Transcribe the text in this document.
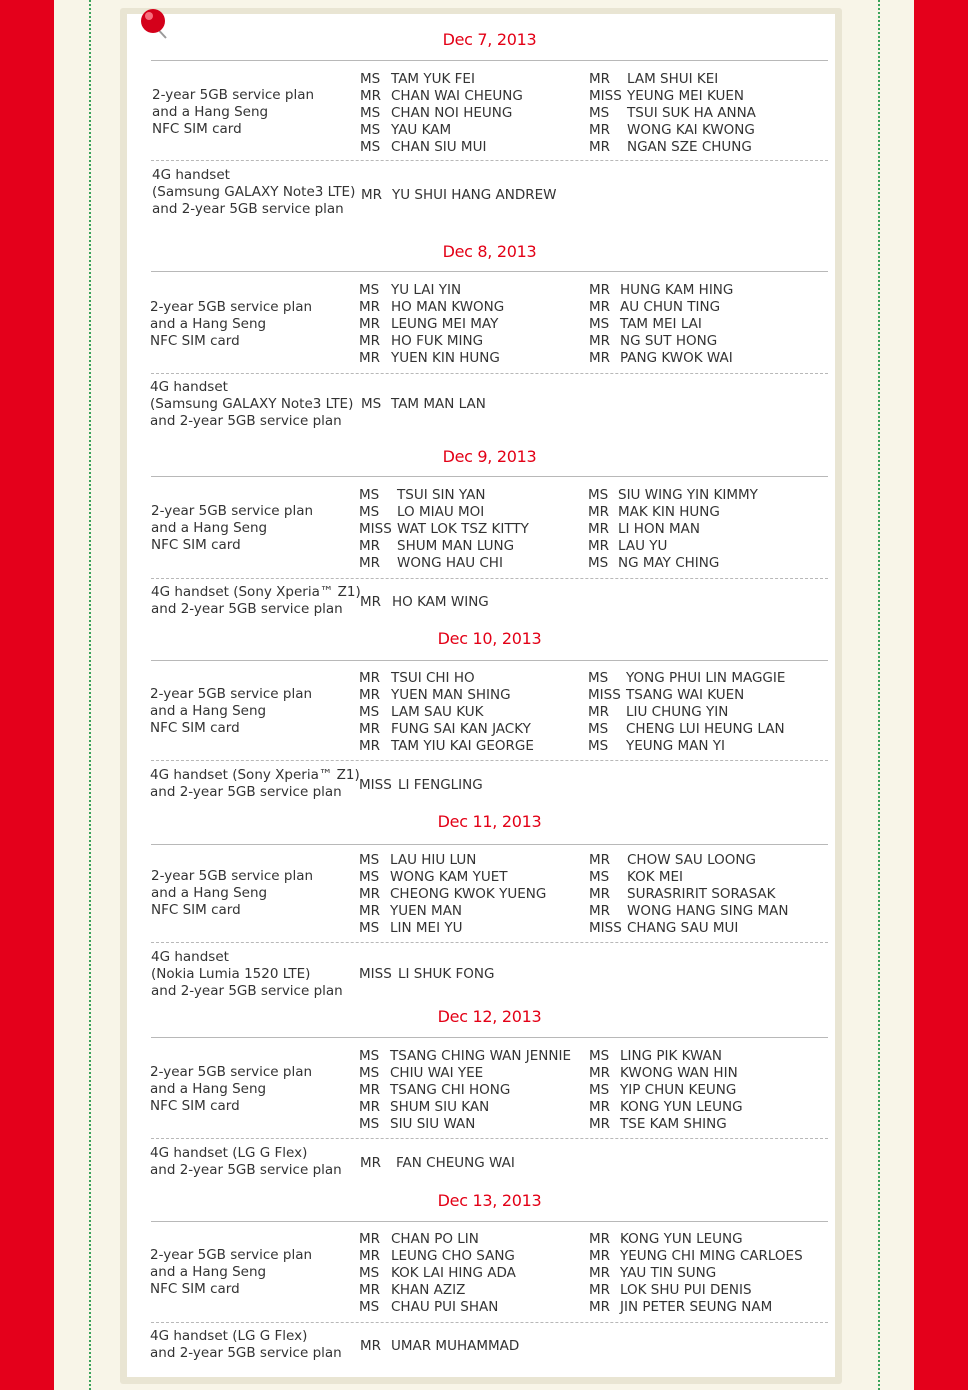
Dec 7, 2013
2-year 5GB service plan
and a Hang Seng
NFC SIM card
MS TAM YUK FEI
MR CHAN WAI CHEUNG
MS CHAN NOI HEUNG
MS YAU KAM
MS CHAN SIU MUI
MR LAM SHUI KEI
MISS YEUNG MEI KUEN
MS TSUI SUK HA ANNA
MR WONG KAI KWONG
MR NGAN SZE CHUNG
4G handset
(Samsung GALAXY Note3 LTE)
and 2-year 5GB service plan
MR YU SHUI HANG ANDREW
Dec 8, 2013
2-year 5GB service plan
and a Hang Seng
NFC SIM card
MS YU LAI YIN
MR HO MAN KWONG
MR LEUNG MEI MAY
MR HO FUK MING
MR YUEN KIN HUNG
MR HUNG KAM HING
MR AU CHUN TING
MS TAM MEI LAI
MR NG SUT HONG
MR PANG KWOK WAI
4G handset
(Samsung GALAXY Note3 LTE)
and 2-year 5GB service plan
MS TAM MAN LAN
Dec 9, 2013
2-year 5GB service plan
and a Hang Seng
NFC SIM card
MS TSUI SIN YAN
MS LO MIAU MOI
MISS WAT LOK TSZ KITTY
MR SHUM MAN LUNG
MR WONG HAU CHI
MS SIU WING YIN KIMMY
MR MAK KIN HUNG
MR LI HON MAN
MR LAU YU
MS NG MAY CHING
4G handset (Sony Xperia™ Z1)
and 2-year 5GB service plan	MR HO KAM WING
Dec 10, 2013
2-year 5GB service plan
and a Hang Seng
NFC SIM card
MR TSUI CHI HO
MR YUEN MAN SHING
MS LAM SAU KUK
MR FUNG SAI KAN JACKY
MR TAM YIU KAI GEORGE
MS YONG PHUI LIN MAGGIE
MISS TSANG WAI KUEN
MR LIU CHUNG YIN
MS CHENG LUI HEUNG LAN
MS YEUNG MAN YI
4G handset (Sony Xperia™ Z1)
and 2-year 5GB service plan	MISS LI FENGLING
Dec 11, 2013
2-year 5GB service plan
and a Hang Seng
NFC SIM card
MS LAU HIU LUN
MS WONG KAM YUET
MR CHEONG KWOK YUENG
MR YUEN MAN
MS LIN MEI YU
MR CHOW SAU LOONG
MS KOK MEI
MR SURASRIRIT SORASAK
MR WONG HANG SING MAN
MISS CHANG SAU MUI
4G handset
(Nokia Lumia 1520 LTE)
and 2-year 5GB service plan
MISS LI SHUK FONG
Dec 12, 2013
2-year 5GB service plan
and a Hang Seng
NFC SIM card
MS TSANG CHING WAN JENNIE
MS CHIU WAI YEE
MR TSANG CHI HONG
MR SHUM SIU KAN
MS SIU SIU WAN
MS LING PIK KWAN
MR KWONG WAN HIN
MS YIP CHUN KEUNG
MR KONG YUN LEUNG
MR TSE KAM SHING
4G handset (LG G Flex)
and 2-year 5GB service plan MR FAN CHEUNG WAI
Dec 13, 2013
2-year 5GB service plan
and a Hang Seng
NFC SIM card
MR CHAN PO LIN
MR LEUNG CHO SANG
MS KOK LAI HING ADA
MR KHAN AZIZ
MS CHAU PUI SHAN
MR KONG YUN LEUNG
MR YEUNG CHI MING CARLOES
MR YAU TIN SUNG
MR LOK SHU PUI DENIS
MR JIN PETER SEUNG NAM
4G handset (LG G Flex)
and 2-year 5GB service plan MR UMAR MUHAMMAD
